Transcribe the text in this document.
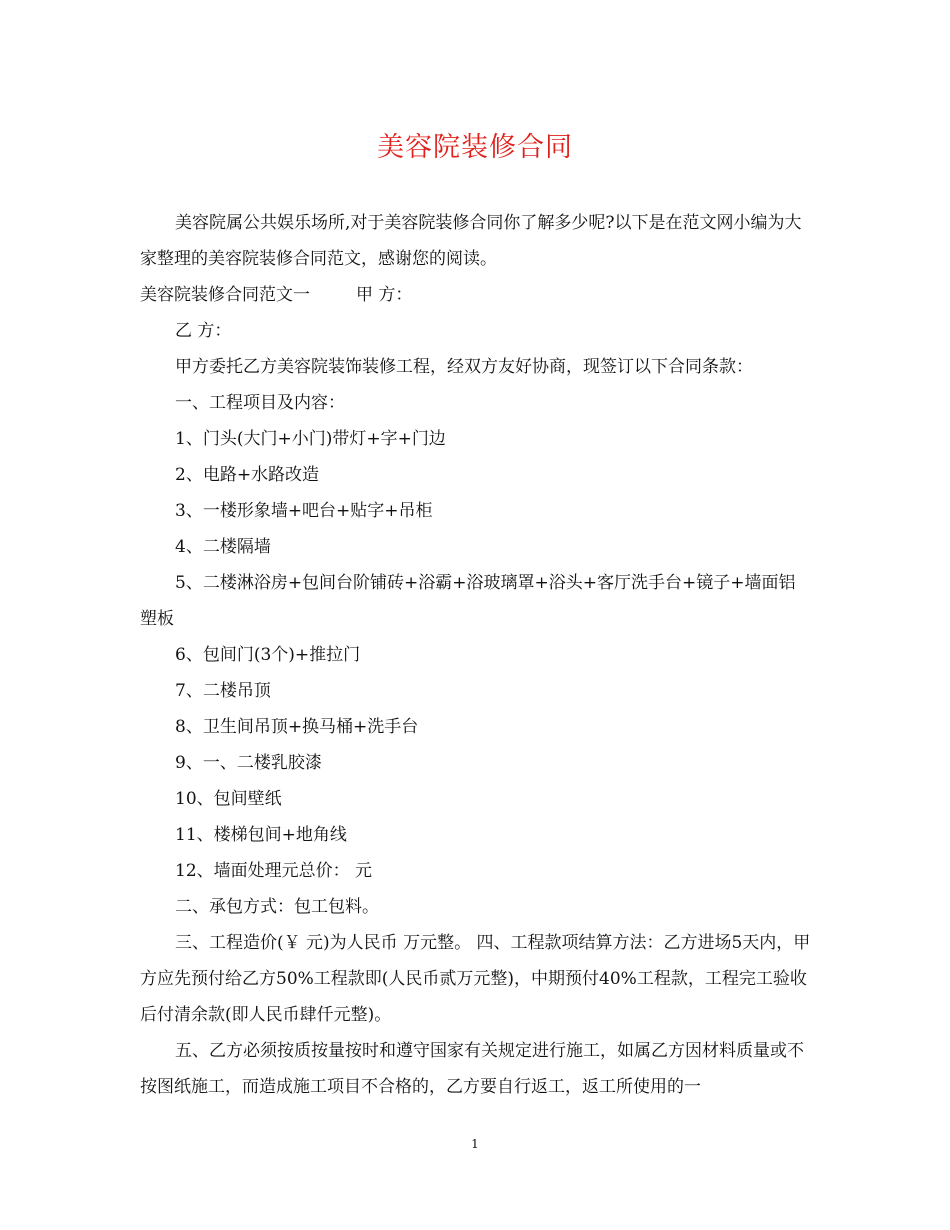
美容院装修合同

美容院属公共娱乐场所,对于美容院装修合同你了解多少呢?以下是在范文网小编为大家整理的美容院装修合同范文，感谢您的阅读。

美容院装修合同范文一	甲 方：

乙 方：

甲方委托乙方美容院装饰装修工程，经双方友好协商，现签订以下合同条款：

一、工程项目及内容：

1、门头(大门+小门)带灯+字+门边

2、电路+水路改造

3、一楼形象墙+吧台+贴字+吊柜

4、二楼隔墙

5、二楼淋浴房+包间台阶铺砖+浴霸+浴玻璃罩+浴头+客厅洗手台+镜子+墙面铝塑板

6、包间门(3个)+推拉门

7、二楼吊顶

8、卫生间吊顶+换马桶+洗手台

9、一、二楼乳胶漆

10、包间壁纸

11、楼梯包间+地角线

12、墙面处理元总价： 元

二、承包方式：包工包料。

三、工程造价(￥ 元)为人民币 万元整。 四、工程款项结算方法：乙方进场5天内，甲方应先预付给乙方50%工程款即(人民币贰万元整)，中期预付40%工程款，工程完工验收后付清余款(即人民币肆仟元整)。

五、乙方必须按质按量按时和遵守国家有关规定进行施工，如属乙方因材料质量或不按图纸施工，而造成施工项目不合格的，乙方要自行返工，返工所使用的一

1
